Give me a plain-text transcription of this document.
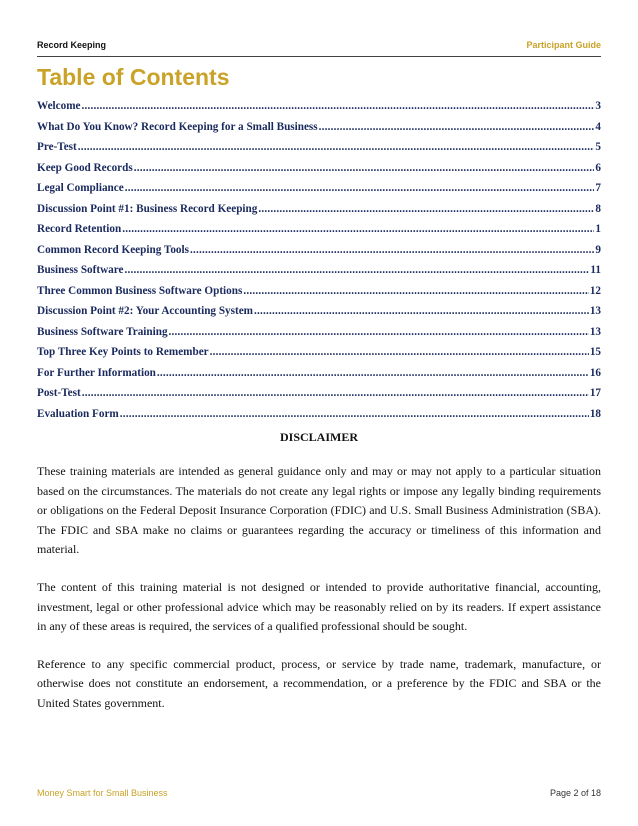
Record Keeping	Participant Guide
Table of Contents
Welcome .....	3
What Do You Know? Record Keeping for a Small Business .....	4
Pre-Test .....	5
Keep Good Records .....	6
Legal Compliance .....	7
Discussion Point #1: Business Record Keeping .....	8
Record Retention .....	1
Common Record Keeping Tools .....	9
Business Software .....	11
Three Common Business Software Options .....	12
Discussion Point #2: Your Accounting System .....	13
Business Software Training .....	13
Top Three Key Points to Remember .....	15
For Further Information .....	16
Post-Test .....	17
Evaluation Form .....	18
DISCLAIMER

These training materials are intended as general guidance only and may or may not apply to a particular situation based on the circumstances. The materials do not create any legal rights or impose any legally binding requirements or obligations on the Federal Deposit Insurance Corporation (FDIC) and U.S. Small Business Administration (SBA). The FDIC and SBA make no claims or guarantees regarding the accuracy or timeliness of this information and material.

The content of this training material is not designed or intended to provide authoritative financial, accounting, investment, legal or other professional advice which may be reasonably relied on by its readers. If expert assistance in any of these areas is required, the services of a qualified professional should be sought.

Reference to any specific commercial product, process, or service by trade name, trademark, manufacture, or otherwise does not constitute an endorsement, a recommendation, or a preference by the FDIC and SBA or the United States government.

Money Smart for Small Business	Page 2 of 18
